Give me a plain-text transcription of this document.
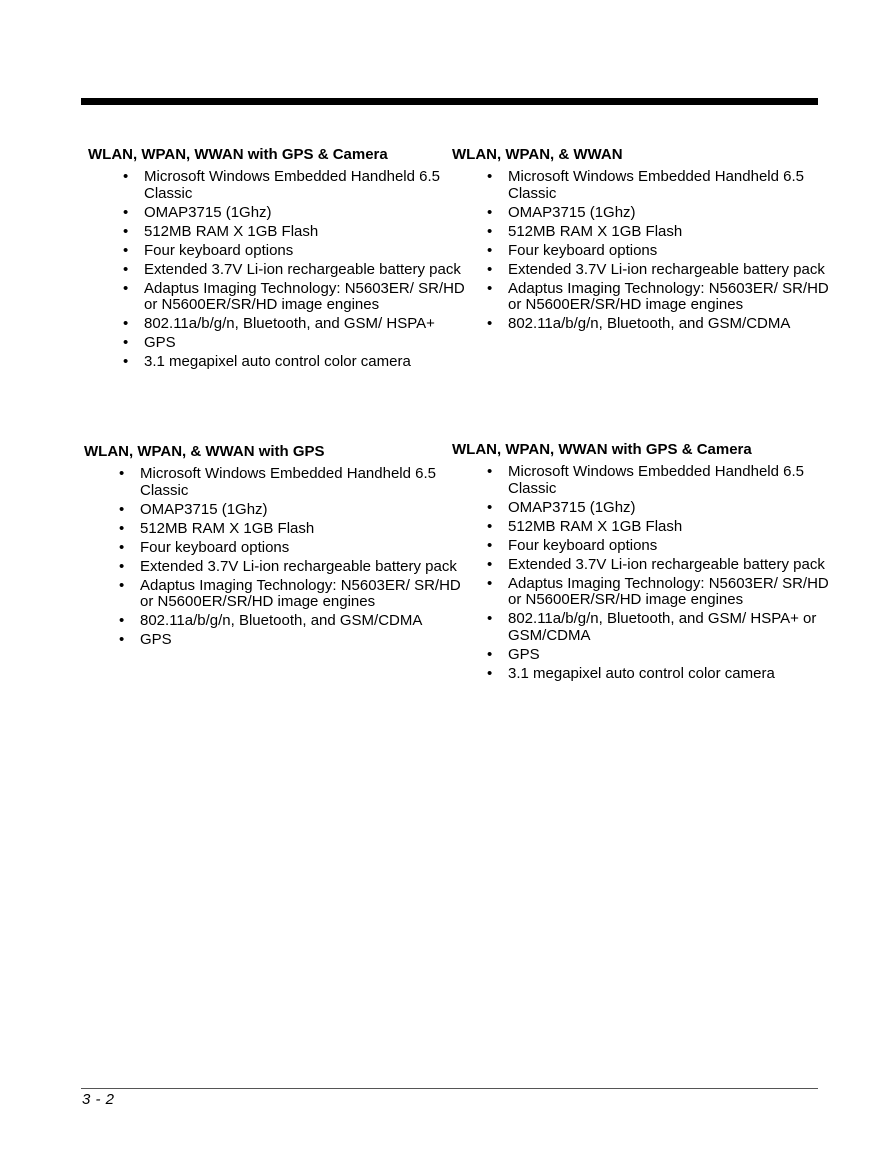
WLAN, WPAN, WWAN with GPS & Camera
• Microsoft Windows Embedded Handheld 6.5 Classic
• OMAP3715 (1Ghz)
• 512MB RAM X 1GB Flash
• Four keyboard options
• Extended 3.7V Li-ion rechargeable battery pack
• Adaptus Imaging Technology: N5603ER/ SR/HD or N5600ER/SR/HD image engines
• 802.11a/b/g/n, Bluetooth, and GSM/ HSPA+
• GPS
• 3.1 megapixel auto control color camera
WLAN, WPAN, & WWAN
• Microsoft Windows Embedded Handheld 6.5 Classic
• OMAP3715 (1Ghz)
• 512MB RAM X 1GB Flash
• Four keyboard options
• Extended 3.7V Li-ion rechargeable battery pack
• Adaptus Imaging Technology: N5603ER/ SR/HD or N5600ER/SR/HD image engines
• 802.11a/b/g/n, Bluetooth, and GSM/CDMA
WLAN, WPAN, & WWAN with GPS
• Microsoft Windows Embedded Handheld 6.5 Classic
• OMAP3715 (1Ghz)
• 512MB RAM X 1GB Flash
• Four keyboard options
• Extended 3.7V Li-ion rechargeable battery pack
• Adaptus Imaging Technology: N5603ER/ SR/HD or N5600ER/SR/HD image engines
• 802.11a/b/g/n, Bluetooth, and GSM/CDMA
• GPS
WLAN, WPAN, WWAN with GPS & Camera
• Microsoft Windows Embedded Handheld 6.5 Classic
• OMAP3715 (1Ghz)
• 512MB RAM X 1GB Flash
• Four keyboard options
• Extended 3.7V Li-ion rechargeable battery pack
• Adaptus Imaging Technology: N5603ER/ SR/HD or N5600ER/SR/HD image engines
• 802.11a/b/g/n, Bluetooth, and GSM/ HSPA+ or GSM/CDMA
• GPS
• 3.1 megapixel auto control color camera
3 - 2
